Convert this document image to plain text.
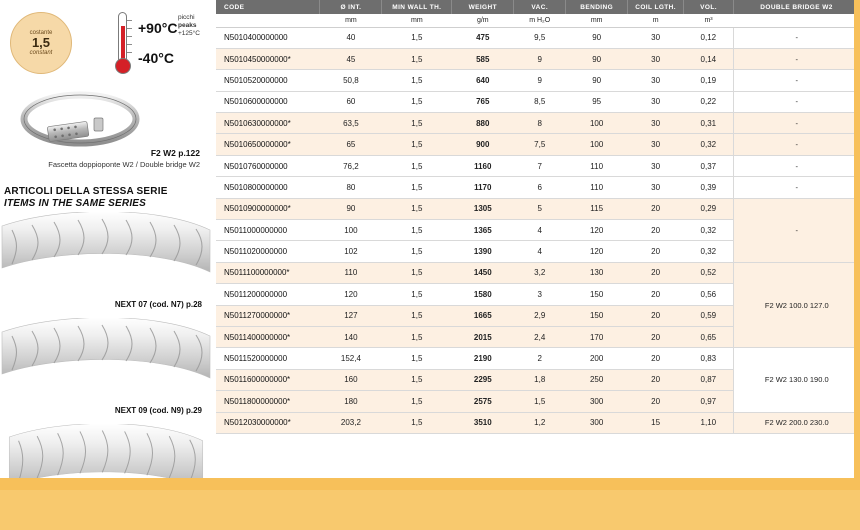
costante
1,5
constant
+90°C
-40°C
picchi
peaks
+125°C
F2 W2 p.122
Fascetta doppioponte W2 / Double bridge W2
ARTICOLI DELLA STESSA SERIE
ITEMS IN THE SAME SERIES
NEXT 07 (cod. N7) p.28
NEXT 09 (cod. N9) p.29
CODE	Ø INT.	MIN WALL TH.	WEIGHT	VAC.	BENDING	COIL LGTH.	VOL.	DOUBLE BRIDGE W2
	mm	mm	g/m	m H₂O	mm	m	m³	
N5010400000000	40	1,5	475	9,5	90	30	0,12	-
N5010450000000*	45	1,5	585	9	90	30	0,14	-
N5010520000000	50,8	1,5	640	9	90	30	0,19	-
N5010600000000	60	1,5	765	8,5	95	30	0,22	-
N5010630000000*	63,5	1,5	880	8	100	30	0,31	-
N5010650000000*	65	1,5	900	7,5	100	30	0,32	-
N5010760000000	76,2	1,5	1160	7	110	30	0,37	-
N5010800000000	80	1,5	1170	6	110	30	0,39	-
N5010900000000*	90	1,5	1305	5	115	20	0,29	-
N5011000000000	100	1,5	1365	4	120	20	0,32	
N5011020000000	102	1,5	1390	4	120	20	0,32	
N5011100000000*	110	1,5	1450	3,2	130	20	0,52	F2 W2 100.0 127.0
N5011200000000	120	1,5	1580	3	150	20	0,56	
N5011270000000*	127	1,5	1665	2,9	150	20	0,59	
N5011400000000*	140	1,5	2015	2,4	170	20	0,65	
N5011520000000	152,4	1,5	2190	2	200	20	0,83	F2 W2 130.0 190.0
N5011600000000*	160	1,5	2295	1,8	250	20	0,87	
N5011800000000*	180	1,5	2575	1,5	300	20	0,97	
N5012030000000*	203,2	1,5	3510	1,2	300	15	1,10	F2 W2 200.0 230.0
